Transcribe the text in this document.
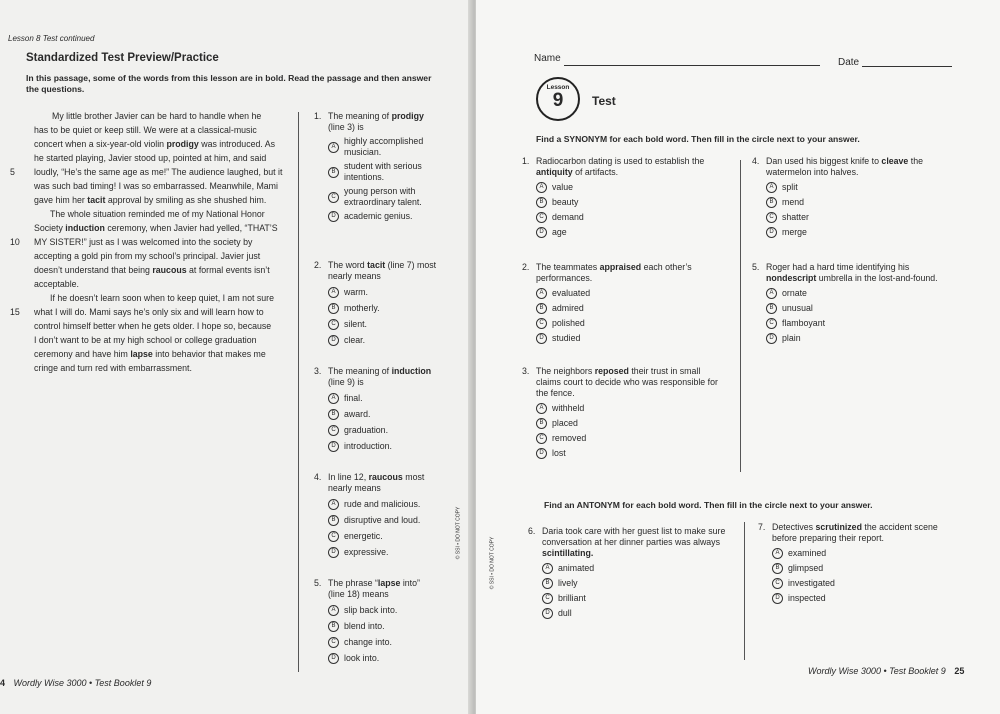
Lesson 8 Test continued
Standardized Test Preview/Practice
In this passage, some of the words from this lesson are in bold. Read the passage and then answer
the questions.
My little brother Javier can be hard to handle when he
has to be quiet or keep still. We were at a classical-music
concert when a six-year-old violin prodigy was introduced. As
he started playing, Javier stood up, pointed at him, and said
loudly, “He’s the same age as me!” The audience laughed, but it
was such bad timing! I was so embarrassed. Meanwhile, Mami
gave him her tacit approval by smiling as she shushed him.
The whole situation reminded me of my National Honor
Society induction ceremony, when Javier had yelled, “THAT’S
MY SISTER!” just as I was welcomed into the society by
accepting a gold pin from my school’s principal. Javier just
doesn’t understand that being raucous at formal events isn’t
acceptable.
If he doesn’t learn soon when to keep quiet, I am not sure
what I will do. Mami says he’s only six and will learn how to
control himself better when he gets older. I hope so, because
I don’t want to be at my high school or college graduation
ceremony and have him lapse into behavior that makes me
cringe and turn red with embarrassment.
5
10
15
1. The meaning of prodigy
(line 3) is
A
highly accomplished
musician.
B
student with serious
intentions.
C
young person with
extraordinary talent.
D academic genius.
2. The word tacit (line 7) most
nearly means
A warm.
B motherly.
C silent.
D clear.
3. The meaning of induction
(line 9) is
A final.
B award.
C graduation.
D introduction.
4. In line 12, raucous most
nearly means
A rude and malicious.
B disruptive and loud.
C energetic.
D expressive.
5. The phrase “lapse into”
(line 18) means
A slip back into.
B blend into.
C change into.
D look into.
4 Wordly Wise 3000 • Test Booklet 9
© SSI • DO NOT COPY
© SSI • DO NOT COPY
Name	Date
Lesson
9	Test
Find a SYNONYM for each bold word. Then fill in the circle next to your answer.
Find an ANTONYM for each bold word. Then fill in the circle next to your answer.
1. Radiocarbon dating is used to establish the
antiquity of artifacts.
A value
B beauty
C demand
D age
2. The teammates appraised each other’s
performances.
A evaluated
B admired
C polished
D studied
3. The neighbors reposed their trust in small
claims court to decide who was responsible for
the fence.
A withheld
B placed
C removed
D lost
4. Dan used his biggest knife to cleave the
watermelon into halves.
A split
B mend
C shatter
D merge
5. Roger had a hard time identifying his
nondescript umbrella in the lost-and-found.
A ornate
B unusual
C flamboyant
D plain
6. Daria took care with her guest list to make sure
conversation at her dinner parties was always
scintillating.
A animated
B lively
C brilliant
D dull
7. Detectives scrutinized the accident scene
before preparing their report.
A examined
B glimpsed
C investigated
D inspected
Wordly Wise 3000 • Test Booklet 9 25
